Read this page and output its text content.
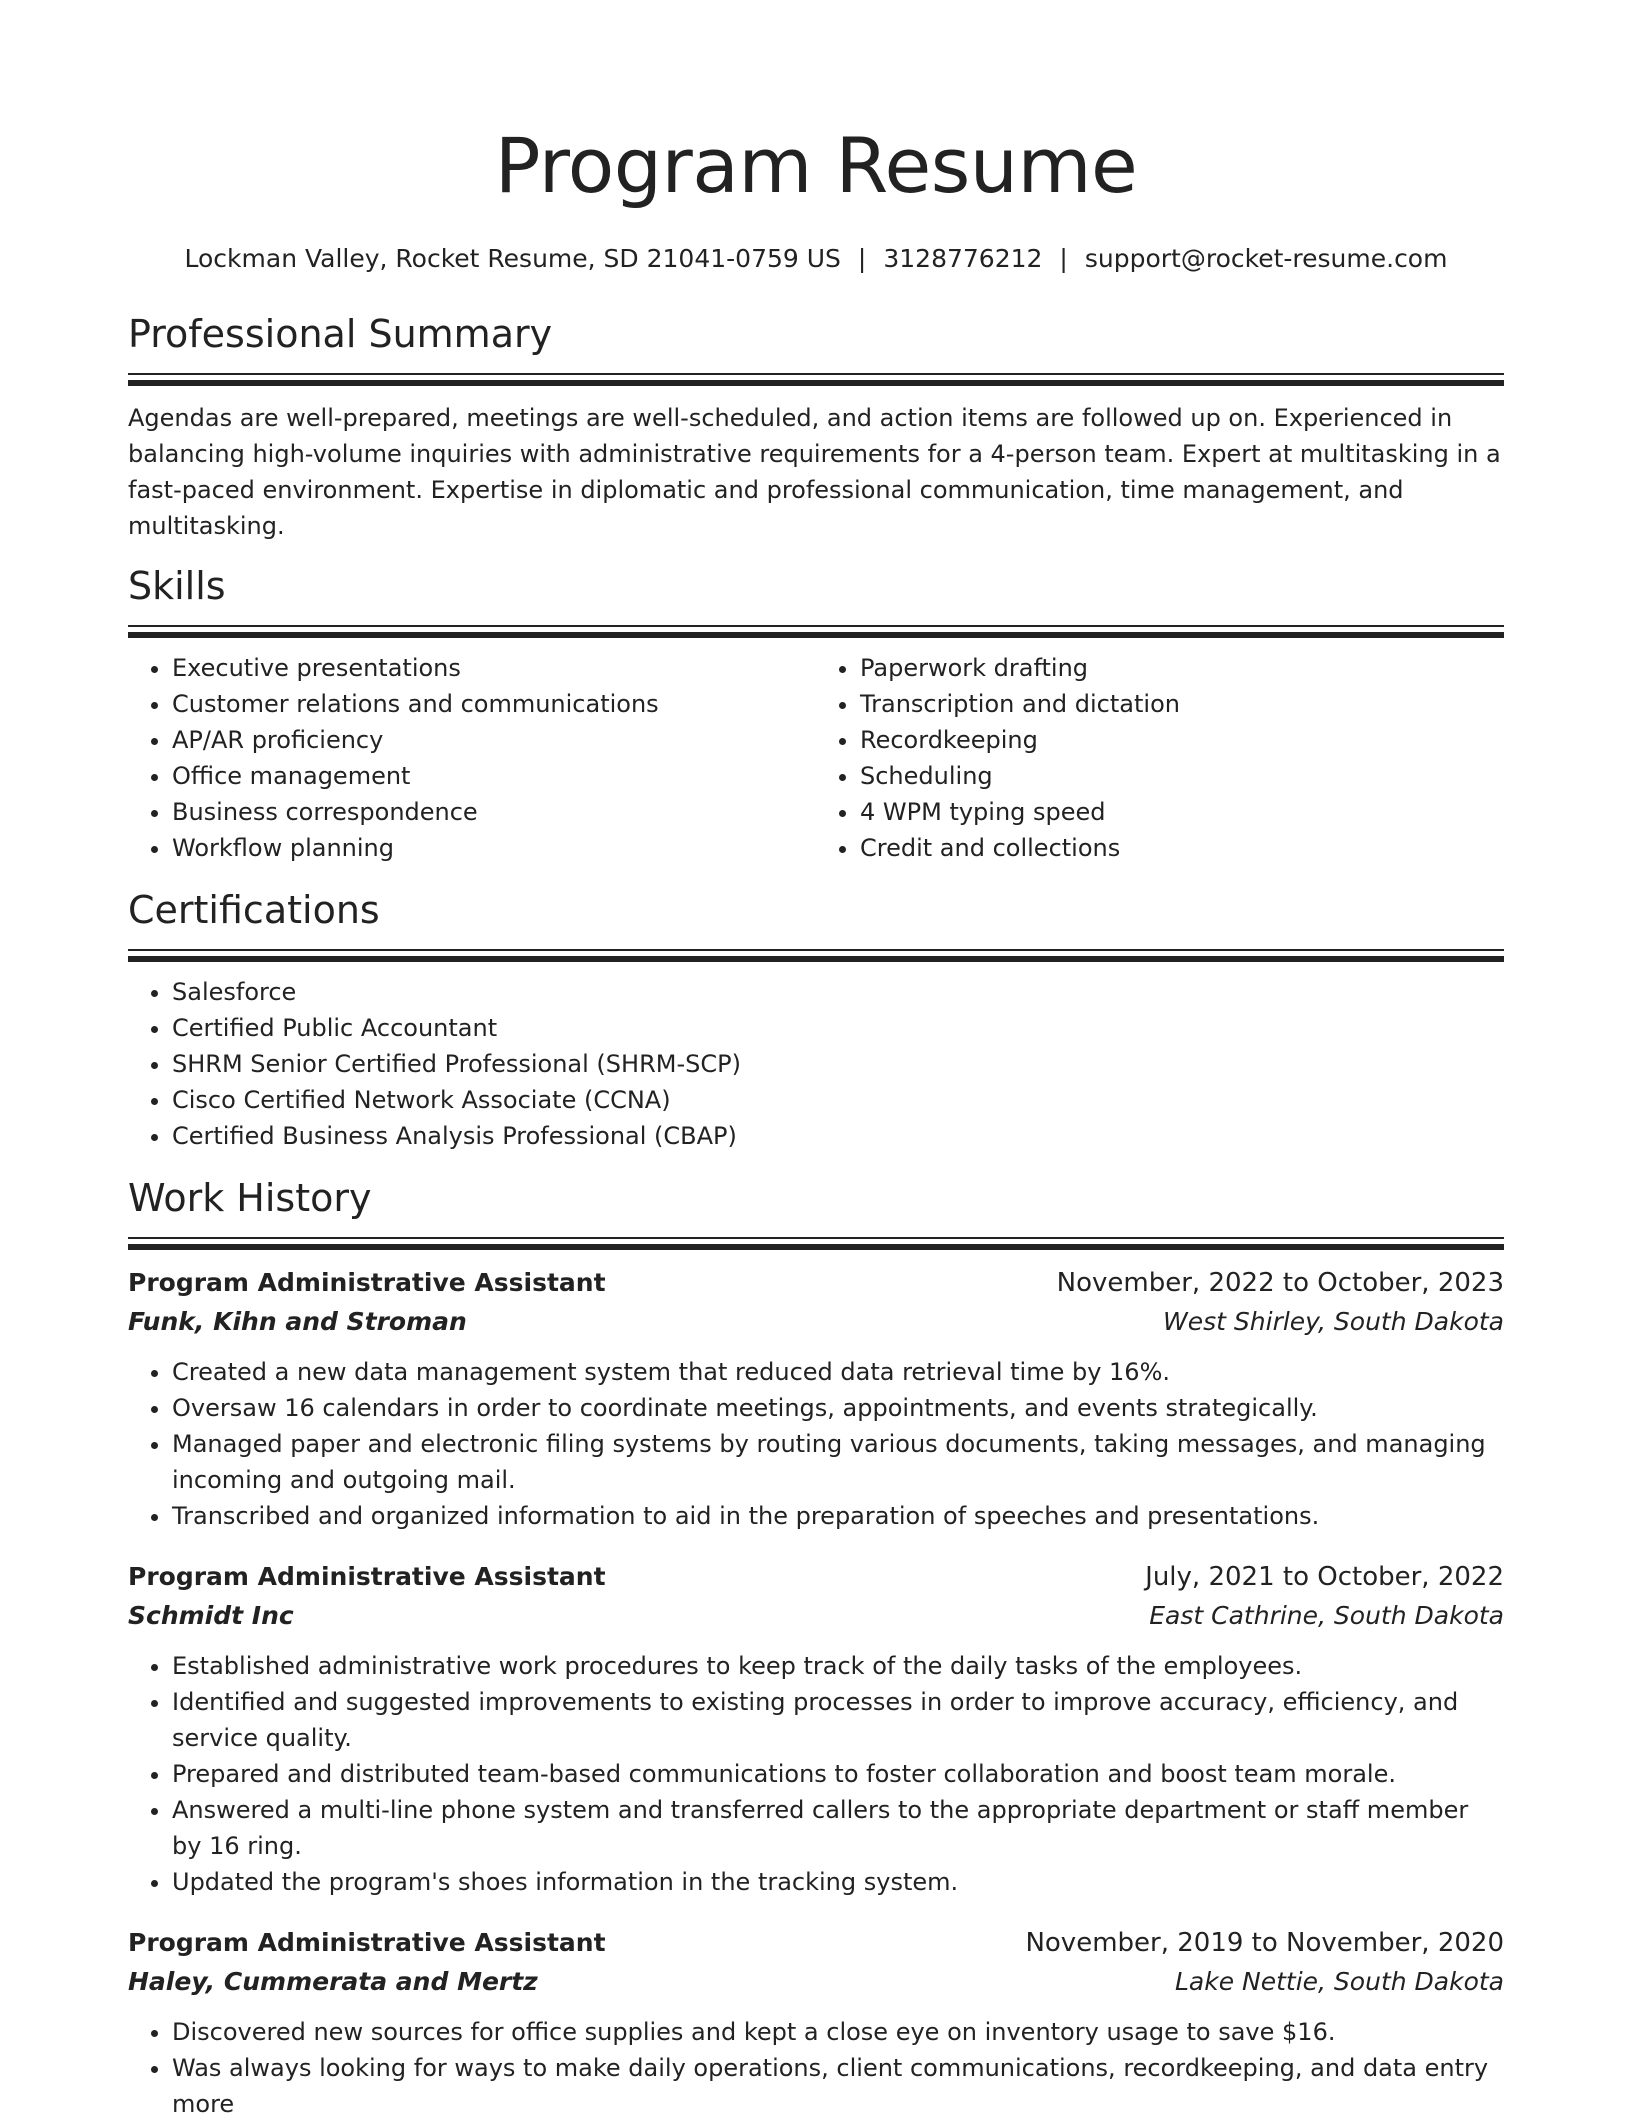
Program Resume
Lockman Valley, Rocket Resume, SD 21041-0759 US | 3128776212 | support@rocket-resume.com
Professional Summary
Agendas are well-prepared, meetings are well-scheduled, and action items are followed up on. Experienced in balancing high-volume inquiries with administrative requirements for a 4-person team. Expert at multitasking in a fast-paced environment. Expertise in diplomatic and professional communication, time management, and multitasking.
Skills
• Executive presentations
• Customer relations and communications
• AP/AR proficiency
• Office management
• Business correspondence
• Workflow planning
• Paperwork drafting
• Transcription and dictation
• Recordkeeping
• Scheduling
• 4 WPM typing speed
• Credit and collections
Certifications
• Salesforce
• Certified Public Accountant
• SHRM Senior Certified Professional (SHRM-SCP)
• Cisco Certified Network Associate (CCNA)
• Certified Business Analysis Professional (CBAP)
Work History
Program Administrative Assistant	November, 2022 to October, 2023
Funk, Kihn and Stroman	West Shirley, South Dakota
• Created a new data management system that reduced data retrieval time by 16%.
• Oversaw 16 calendars in order to coordinate meetings, appointments, and events strategically.
• Managed paper and electronic filing systems by routing various documents, taking messages, and managing incoming and outgoing mail.
• Transcribed and organized information to aid in the preparation of speeches and presentations.
Program Administrative Assistant	July, 2021 to October, 2022
Schmidt Inc	East Cathrine, South Dakota
• Established administrative work procedures to keep track of the daily tasks of the employees.
• Identified and suggested improvements to existing processes in order to improve accuracy, efficiency, and service quality.
• Prepared and distributed team-based communications to foster collaboration and boost team morale.
• Answered a multi-line phone system and transferred callers to the appropriate department or staff member by 16 ring.
• Updated the program's shoes information in the tracking system.
Program Administrative Assistant	November, 2019 to November, 2020
Haley, Cummerata and Mertz	Lake Nettie, South Dakota
• Discovered new sources for office supplies and kept a close eye on inventory usage to save $16.
• Was always looking for ways to make daily operations, client communications, recordkeeping, and data entry more
